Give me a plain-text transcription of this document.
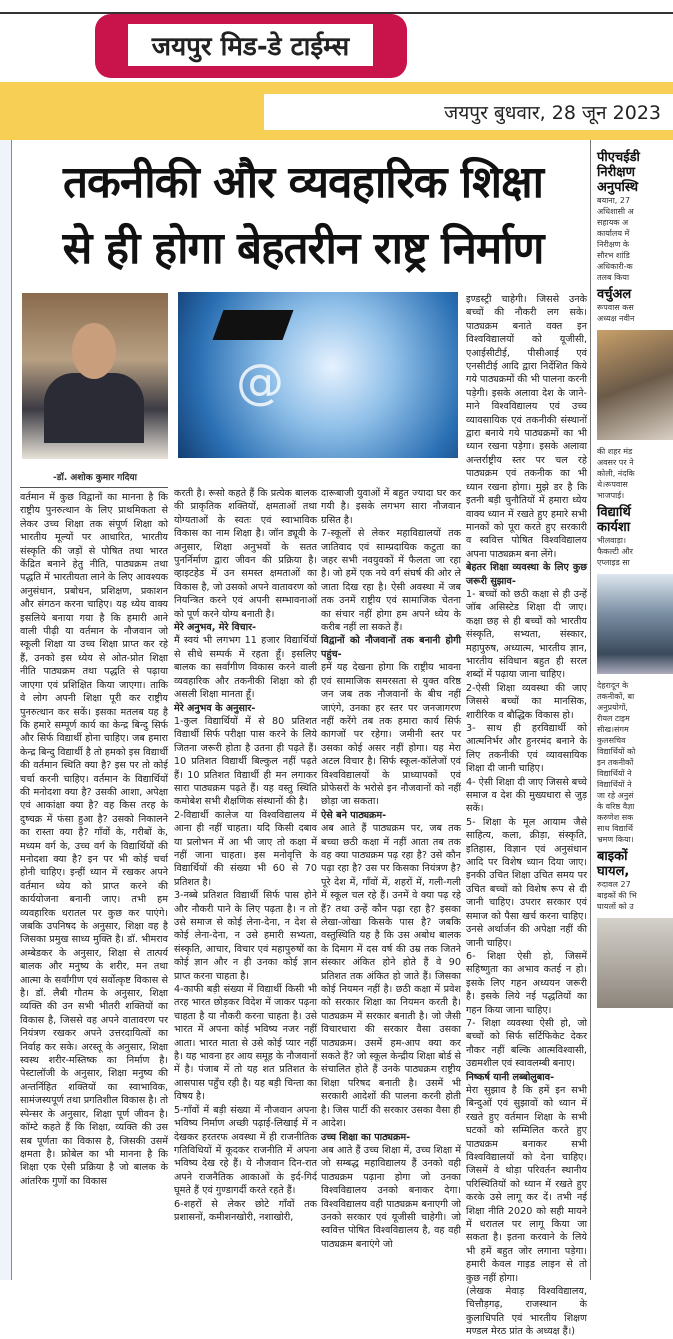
जयपुर मिड-डे टाईम्स
जयपुर बुधवार, 28 जून 2023
तकनीकी और व्यवहारिक शिक्षा
से ही होगा बेहतरीन राष्ट्र निर्माण
@
-डॉ. अशोक कुमार गदिया

वर्तमान में कुछ विद्वानों का मानना है कि राष्ट्रीय पुनरुत्थान के लिए प्राथमिकता से लेकर उच्च शिक्षा तक संपूर्ण शिक्षा को भारतीय मूल्यों पर आधारित, भारतीय संस्कृति की जड़ों से पोषित तथा भारत केंद्रित बनाने हेतु नीति, पाठ्यक्रम तथा पद्धति में भारतीयता लाने के लिए आवश्यक अनुसंधान, प्रबोधन, प्रशिक्षण, प्रकाशन और संगठन करना चाहिए। यह ध्येय वाक्य इसलिये बनाया गया है कि हमारी आने वाली पीढ़ी या वर्तमान के नौजवान जो स्कूली शिक्षा या उच्च शिक्षा प्राप्त कर रहे हैं, उनको इस ध्येय से ओत-प्रोत शिक्षा नीति पाठ्यक्रम तथा पद्धति से पढ़ाया जाएगा एवं प्रशिक्षित किया जाएगा। ताकि वे लोग अपनी शिक्षा पूरी कर राष्ट्रीय पुनरुत्थान कर सकें। इसका मतलब यह है कि हमारे सम्पूर्ण कार्य का केन्द्र बिन्दु सिर्फ और सिर्फ विद्यार्थी होना चाहिए। जब हमारा केन्द्र बिन्दु विद्यार्थी है तो हमको इस विद्यार्थी की वर्तमान स्थिति क्या है? इस पर तो कोई चर्चा करनी चाहिए। वर्तमान के विद्यार्थियों की मनोदशा क्या है? उसकी आशा, अपेक्षा एवं आकांक्षा क्या है? वह किस तरह के दुष्चक्र में फंसा हुआ है? उसको निकालने का रास्ता क्या है? गाँवों के, गरीबों के, मध्यम वर्ग के, उच्च वर्ग के विद्यार्थियों की मनोदशा क्या है? इन पर भी कोई चर्चा होनी चाहिए। इन्हीं ध्यान में रखकर अपने वर्तमान ध्येय को प्राप्त करने की कार्ययोजना बनानी जाए। तभी हम व्यवहारिक धरातल पर कुछ कर पाएंगे। जबकि उपनिषद के अनुसार, शिक्षा वह है जिसका प्रमुख साध्य मुक्ति है। डॉ. भीमराव अम्बेडकर के अनुसार, शिक्षा से तात्पर्य बालक और मनुष्य के शरीर, मन तथा आत्मा के सर्वांगीण एवं सर्वोत्कृष्ट विकास से है। डॉ. लैबी गौतम के अनुसार, शिक्षा व्यक्ति की उन सभी भीतरी शक्तियों का विकास है, जिससे वह अपने वातावरण पर नियंत्रण रखकर अपने उत्तरदायित्वों का निर्वाह कर सके। अरस्तू के अनुसार, शिक्षा स्वस्थ शरीर-मस्तिष्क का निर्माण है। पेस्टालॉजी के अनुसार, शिक्षा मनुष्य की अन्तर्निहित शक्तियों का स्वाभाविक, सामंजस्यपूर्ण तथा प्रगतिशील विकास है। तो स्पेन्सर के अनुसार, शिक्षा पूर्ण जीवन है। कॉम्टे कहते हैं कि शिक्षा, व्यक्ति की उस सब पूर्णता का विकास है, जिसकी उसमें क्षमता है। फ्रोबेल का भी मानना है कि शिक्षा एक ऐसी प्रक्रिया है जो बालक के आंतरिक गुणों का विकास

करती है। रूसो कहते हैं कि प्रत्येक बालक की प्राकृतिक शक्तियों, क्षमताओं तथा योग्यताओं के स्वतः एवं स्वाभाविक विकास का नाम शिक्षा है। जॉन ड्यूवी के अनुसार, शिक्षा अनुभवों के सतत पुनर्निर्माण द्वारा जीवन की प्रक्रिया है। व्हाइटहेड में उन समस्त क्षमताओं का विकास है, जो उसको अपने वातावरण को नियन्त्रित करने एवं अपनी सम्भावनाओं को पूर्ण करने योग्य बनाती है।

मेरे अनुभव, मेरे विचार-

मैं स्वयं भी लगभग 11 हजार विद्यार्थियों से सीधे सम्पर्क में रहता हूँ। इसलिए बालक का सर्वांगीण विकास करने वाली व्यवहारिक और तकनीकी शिक्षा को ही असली शिक्षा मानता हूँ।

मेरे अनुभव के अनुसार-

1-कुल विद्यार्थियों में से 80 प्रतिशत विद्यार्थी सिर्फ परीक्षा पास करने के लिये जितना जरूरी होता है उतना ही पढ़ते हैं। 10 प्रतिशत विद्यार्थी बिल्कुल नहीं पढ़ते हैं। 10 प्रतिशत विद्यार्थी ही मन लगाकर सारा पाठ्यक्रम पढ़ते हैं। यह वस्तु स्थिति कमोबेश सभी शैक्षणिक संस्थानों की है।

2-विद्यार्थी कालेज या विश्वविद्यालय में आना ही नहीं चाहता। यदि किसी दबाव या प्रलोभन में आ भी जाए तो कक्षा में नहीं जाना चाहता। इस मनोवृत्ति के विद्यार्थियों की संख्या भी 60 से 70 प्रतिशत है।

3-नब्बे प्रतिशत विद्यार्थी सिर्फ पास होने और नौकरी पाने के लिए पढ़ता है। न तो उसे समाज से कोई लेना-देना, न देश से कोई लेना-देना, न उसे हमारी सभ्यता, संस्कृति, आचार, विचार एवं महापुरुषों का कोई ज्ञान और न ही उनका कोई ज्ञान प्राप्त करना चाहता है।

4-काफी बड़ी संख्या में विद्यार्थी किसी भी तरह भारत छोड़कर विदेश में जाकर पढ़ना चाहता है या नौकरी करना चाहता है। उसे भारत में अपना कोई भविष्य नजर नहीं आता। भारत माता से उसे कोई प्यार नहीं है। यह भावना हर आय समूह के नौजवानों में है। पंजाब में तो यह शत प्रतिशत के आसपास पहुँच रही है। यह बड़ी चिन्ता का विषय है।

5-गाँवों में बड़ी संख्या में नौजवान अपना भविष्य निर्माण अच्छी पढ़ाई-लिखाई में न देखकर हरतरफ अवस्था में ही राजनीतिक गतिविधियों में कूदकर राजनीति में अपना भविष्य देख रहे हैं। ये नौजवान दिन-रात अपने राजनैतिक आकाओं के इर्द-गिर्द घूमते हैं एवं गुण्डागर्दी करते रहते हैं।

6-शहरों से लेकर छोटे गाँवों तक प्रशासनों, कमीशनखोरी, नशाखोरी,

दारूबाजी युवाओं में बहुत ज्यादा घर कर गयी है। इसके लगभग सारा नौजवान ग्रसित है।

7-स्कूलों से लेकर महाविद्यालयों तक जातिवाद एवं साम्प्रदायिक कटुता का जहर सभी नवयुवकों में फैलता जा रहा है। जो हमें एक नये वर्ग संघर्ष की ओर ले जाता दिख रहा है। ऐसी अवस्था में जब तक उनमें राष्ट्रीय एवं सामाजिक चेतना का संचार नहीं होगा हम अपने ध्येय के करीब नहीं ला सकते हैं।

विद्वानों को नौजवानों तक बनानी होगी पहुंच-

हमें यह देखना होगा कि राष्ट्रीय भावना एवं सामाजिक समरसता से युक्त वरिष्ठ जन जब तक नौजवानों के बीच नहीं जाएंगे, उनका हर स्तर पर जनजागरण नहीं करेंगे तब तक हमारा कार्य सिर्फ कागजों पर रहेगा। जमीनी स्तर पर उसका कोई असर नहीं होगा। यह मेरा अटल विचार है। सिर्फ स्कूल-कॉलेजों एवं विश्वविद्यालयों के प्राध्यापकों एवं प्रोफेसरों के भरोसे इन नौजवानों को नहीं छोड़ा जा सकता।

ऐसे बने पाठ्यक्रम-

अब आते हैं पाठ्यक्रम पर, जब तक बच्चा छठी कक्षा में नहीं आता तब तक वह क्या पाठ्यक्रम पढ़ रहा है? उसे कौन पढ़ा रहा है? उस पर किसका नियंत्रण है? पूरे देश में, गाँवों में, शहरों में, गली-गली में स्कूल चल रहे हैं। उनमें वे क्या पढ़ रहे हैं? तथा उन्हें कौन पढ़ा रहा है? इसका लेखा-जोखा किसके पास है? जबकि वस्तुस्थिति यह है कि उस अबोध बालक के दिमाग में दस वर्ष की उम्र तक जितने संस्कार अंकित होने होते हैं वे 90 प्रतिशत तक अंकित हो जाते हैं। जिसका कोई नियमन नहीं है। छठी कक्षा में प्रवेश को सरकार शिक्षा का नियमन करती है। पाठ्यक्रम में सरकार बनाती है। जो जैसी विचारधारा की सरकार वैसा उसका पाठ्यक्रम। उसमें हम-आप क्या कर सकते हैं? जो स्कूल केन्द्रीय शिक्षा बोर्ड से संचालित होते हैं उनके पाठ्यक्रम राष्ट्रीय शिक्षा परिषद बनाती है। उसमें भी सरकारी आदेशों की पालना करनी होती है। जिस पार्टी की सरकार उसका वैसा ही आदेश।

उच्च शिक्षा का पाठ्यक्रम-

अब आते हैं उच्च शिक्षा में, उच्च शिक्षा में जो सम्बद्ध महाविद्यालय हैं उनको वही पाठ्यक्रम पढ़ाना होगा जो उनका विश्वविद्यालय उनको बनाकर देगा। विश्वविद्यालय वही पाठ्यक्रम बनाएगी जो उनको सरकार एवं यूजीसी चाहेगी। जो स्ववित्त पोषित विश्वविद्यालय है, वह वही पाठ्यक्रम बनाएंगे जो

इण्डस्ट्री चाहेगी। जिससे उनके बच्चों की नौकरी लग सके। पाठ्यक्रम बनाते वक्त इन विश्वविद्यालयों को यूजीसी, एआईसीटीई, पीसीआई एवं एनसीटीई आदि द्वारा निर्देशित किये गये पाठ्यक्रमों की भी पालना करनी पड़ेगी। इसके अलावा देश के जाने-माने विश्वविद्यालय एवं उच्च व्यावसायिक एवं तकनीकी संस्थानों द्वारा बनाये गये पाठ्यक्रमों का भी ध्यान रखना पड़ेगा। इसके अलावा अन्तर्राष्ट्रीय स्तर पर चल रहे पाठ्यक्रम एवं तकनीक का भी ध्यान रखना होगा। मुझे डर है कि इतनी बड़ी चुनौतियों में हमारा ध्येय वाक्य ध्यान में रखते हुए हमारे सभी मानकों को पूरा करते हुए सरकारी व स्ववित्त पोषित विश्वविद्यालय अपना पाठ्यक्रम बना लेंगे।

बेहतर शिक्षा व्यवस्था के लिए कुछ जरूरी सुझाव-

1- बच्चों को छठी कक्षा से ही उन्हें जॉब असिस्टेड शिक्षा दी जाए। कक्षा छह से ही बच्चों को भारतीय संस्कृति, सभ्यता, संस्कार, महापुरुष, अध्यात्म, भारतीय ज्ञान, भारतीय संविधान बहुत ही सरल शब्दों में पढ़ाया जाना चाहिए।

2-ऐसी शिक्षा व्यवस्था की जाए जिससे बच्चों का मानसिक, शारीरिक व बौद्धिक विकास हो।

3- साथ ही हरविद्यार्थी को आत्मनिर्भर और हुनरमंद बनाने के लिए तकनीकी एवं व्यावसायिक शिक्षा दी जानी चाहिए।

4- ऐसी शिक्षा दी जाए जिससे बच्चे समाज व देश की मुख्यधारा से जुड़ सकें।

5- शिक्षा के मूल आयाम जैसे साहित्य, कला, क्रीड़ा, संस्कृति, इतिहास, विज्ञान एवं अनुसंधान आदि पर विशेष ध्यान दिया जाए। इनकी उचित शिक्षा उचित समय पर उचित बच्चों को विशेष रूप से दी जानी चाहिए। उपरार सरकार एवं समाज को पैसा खर्च करना चाहिए। उनसे अर्थार्जन की अपेक्षा नहीं की जानी चाहिए।

6- शिक्षा ऐसी हो, जिसमें सहिष्णुता का अभाव कतई न हो। इसके लिए गहन अध्ययन जरूरी है। इसके लिये नई पद्धतियों का गहन किया जाना चाहिए।

7- शिक्षा व्यवस्था ऐसी हो, जो बच्चों को सिर्फ सर्टिफिकेट देकर नौकर नहीं बल्कि आत्मविश्वासी, उद्यमशील एवं स्वावलम्बी बनाए।

निष्कर्ष यानी लब्बोलुबाव-

मेरा सुझाव है कि हमें इन सभी बिन्दुओं एवं सुझावों को ध्यान में रखते हुए वर्तमान शिक्षा के सभी घटकों को सम्मिलित करते हुए पाठ्यक्रम बनाकर सभी विश्वविद्यालयों को देना चाहिए। जिसमें वे थोड़ा परिवर्तन स्थानीय परिस्थितियों को ध्यान में रखते हुए करके उसे लागू कर दें। तभी नई शिक्षा नीति 2020 को सही मायने में धरातल पर लागू किया जा सकता है। इतना करवाने के लिये भी हमें बहुत जोर लगाना पड़ेगा। हमारी केवल गाइड लाइन से तो कुछ नहीं होगा।

(लेखक मेवाड़ विश्वविद्यालय, चित्तौड़गढ़, राजस्थान के कुलाधिपति एवं भारतीय शिक्षण मण्डल मेरठ प्रांत के अध्यक्ष हैं।)

पीएचईडी
निरीक्षण
अनुपस्थि

बयाना, 27

अधिशासी अ

सहायक अ

कार्यालय में

निरीक्षण के

सौरभ शांडि

अधिकारी-क

तलब किया

वर्चुअल

रूपवास कस

अध्यक्ष नवीन

की शहर मंड

अवसर पर ने

कोली, नंदकि

थे।रूपवास

भाजपाई।

विद्यार्थि
कार्यशा

भीलवाड़ा।

फैकल्टी और

एप्लाइड सा

देहरादून के

तकनीकों, बा

अनुप्रयोगों,

रीयल टाइम

सीख।संगम

कुलसचिव

विद्यार्थियों को

इन तकनीकों

विद्यार्थियों ने

विद्यार्थियों ने

जा रहे अनुसं

के वरिष्ठ वैज्ञा

करुणेश सक

साथ विद्यार्थि

भ्रमण किया।

बाइकों
घायल,

रुदावल 27

बाइकों की भि

घायलों को उ
